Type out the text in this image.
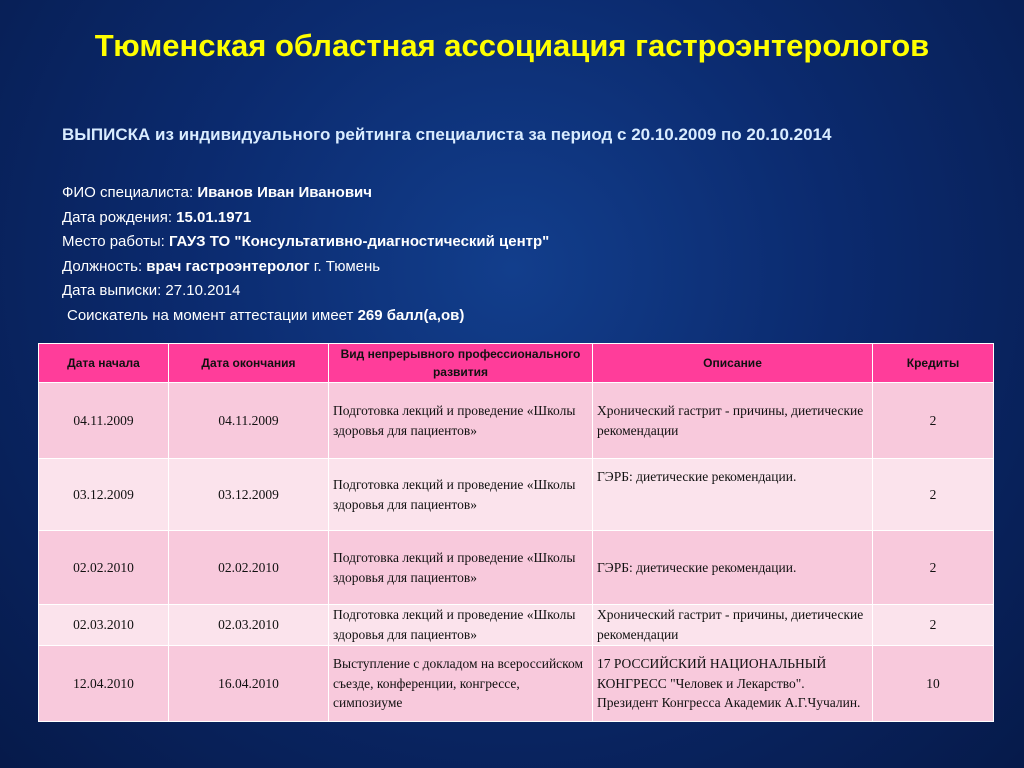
Тюменская областная ассоциация гастроэнтерологов
ВЫПИСКА из индивидуального рейтинга специалиста за период с 20.10.2009 по 20.10.2014
ФИО специалиста: Иванов Иван Иванович
Дата рождения: 15.01.1971
Место работы: ГАУЗ ТО "Консультативно-диагностический центр"
Должность: врач гастроэнтеролог г. Тюмень
Дата выписки: 27.10.2014
Соискатель на момент аттестации имеет 269 балл(а,ов)
Дата начала	Дата окончания	Вид непрерывного профессионального развития	Описание	Кредиты
04.11.2009	04.11.2009	Подготовка лекций и проведение «Школы здоровья для пациентов»	Хронический гастрит - причины, диетические рекомендации	2
03.12.2009	03.12.2009	Подготовка лекций и проведение «Школы здоровья для пациентов»	ГЭРБ: диетические рекомендации.	2
02.02.2010	02.02.2010	Подготовка лекций и проведение «Школы здоровья для пациентов»	ГЭРБ: диетические рекомендации.	2
02.03.2010	02.03.2010	Подготовка лекций и проведение «Школы здоровья для пациентов»	Хронический гастрит - причины, диетические рекомендации	2
12.04.2010	16.04.2010	Выступление с докладом на всероссийском съезде, конференции, конгрессе, симпозиуме	17 РОССИЙСКИЙ НАЦИОНАЛЬНЫЙ КОНГРЕСС "Человек и Лекарство". Президент Конгресса Академик А.Г.Чучалин.	10
